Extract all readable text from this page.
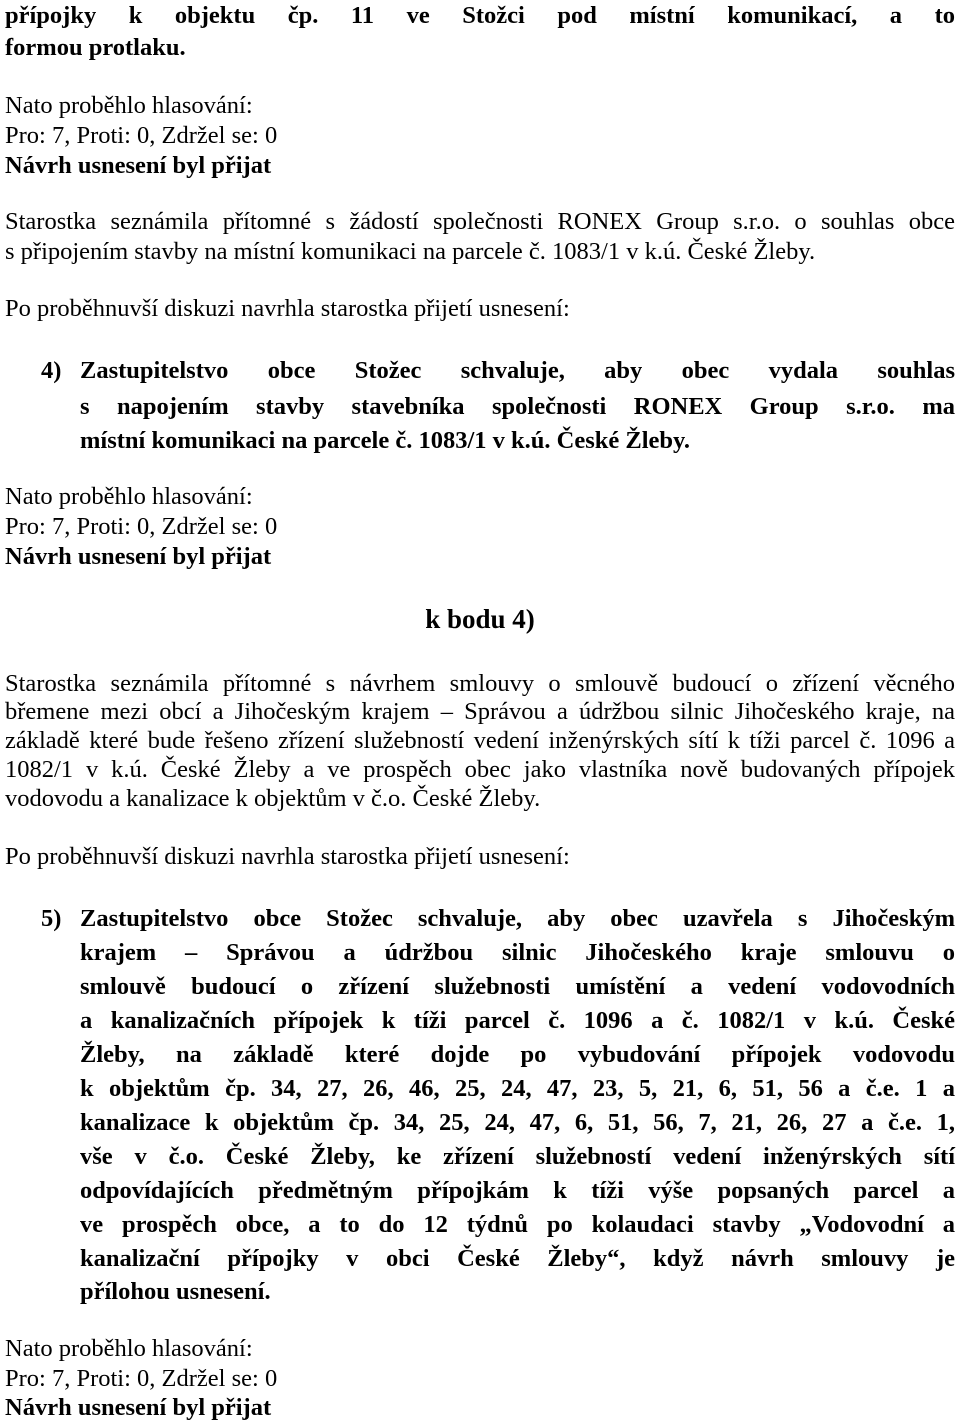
přípojky k objektu čp. 11 ve Stožci pod místní komunikací, a to
formou protlaku.
Nato proběhlo hlasování:
Pro: 7, Proti: 0, Zdržel se: 0
Návrh usnesení byl přijat
Starostka seznámila přítomné s žádostí společnosti RONEX Group s.r.o. o souhlas obce
s připojením stavby na místní komunikaci na parcele č. 1083/1 v k.ú. České Žleby.
Po proběhnuvší diskuzi navrhla starostka přijetí usnesení:
4) Zastupitelstvo obce Stožec schvaluje, aby obec vydala souhlas
s napojením stavby stavebníka společnosti RONEX Group s.r.o. ma
místní komunikaci na parcele č. 1083/1 v k.ú. České Žleby.
Nato proběhlo hlasování:
Pro: 7, Proti: 0, Zdržel se: 0
Návrh usnesení byl přijat
k bodu 4)
Starostka seznámila přítomné s návrhem smlouvy o smlouvě budoucí o zřízení věcného
břemene mezi obcí a Jihočeským krajem – Správou a údržbou silnic Jihočeského kraje, na
základě které bude řešeno zřízení služebností vedení inženýrských sítí k tíži parcel č. 1096 a
1082/1 v k.ú. České Žleby a ve prospěch obec jako vlastníka nově budovaných přípojek
vodovodu a kanalizace k objektům v č.o. České Žleby.
Po proběhnuvší diskuzi navrhla starostka přijetí usnesení:
5) Zastupitelstvo obce Stožec schvaluje, aby obec uzavřela s Jihočeským
krajem – Správou a údržbou silnic Jihočeského kraje smlouvu o
smlouvě budoucí o zřízení služebnosti umístění a vedení vodovodních
a kanalizačních přípojek k tíži parcel č. 1096 a č. 1082/1 v k.ú. České
Žleby, na základě které dojde po vybudování přípojek vodovodu
k objektům čp. 34, 27, 26, 46, 25, 24, 47, 23, 5, 21, 6, 51, 56 a č.e. 1 a
kanalizace k objektům čp. 34, 25, 24, 47, 6, 51, 56, 7, 21, 26, 27 a č.e. 1,
vše v č.o. České Žleby, ke zřízení služebností vedení inženýrských sítí
odpovídajících předmětným přípojkám k tíži výše popsaných parcel a
ve prospěch obce, a to do 12 týdnů po kolaudaci stavby „Vodovodní a
kanalizační přípojky v obci České Žleby“, když návrh smlouvy je
přílohou usnesení.
Nato proběhlo hlasování:
Pro: 7, Proti: 0, Zdržel se: 0
Návrh usnesení byl přijat
